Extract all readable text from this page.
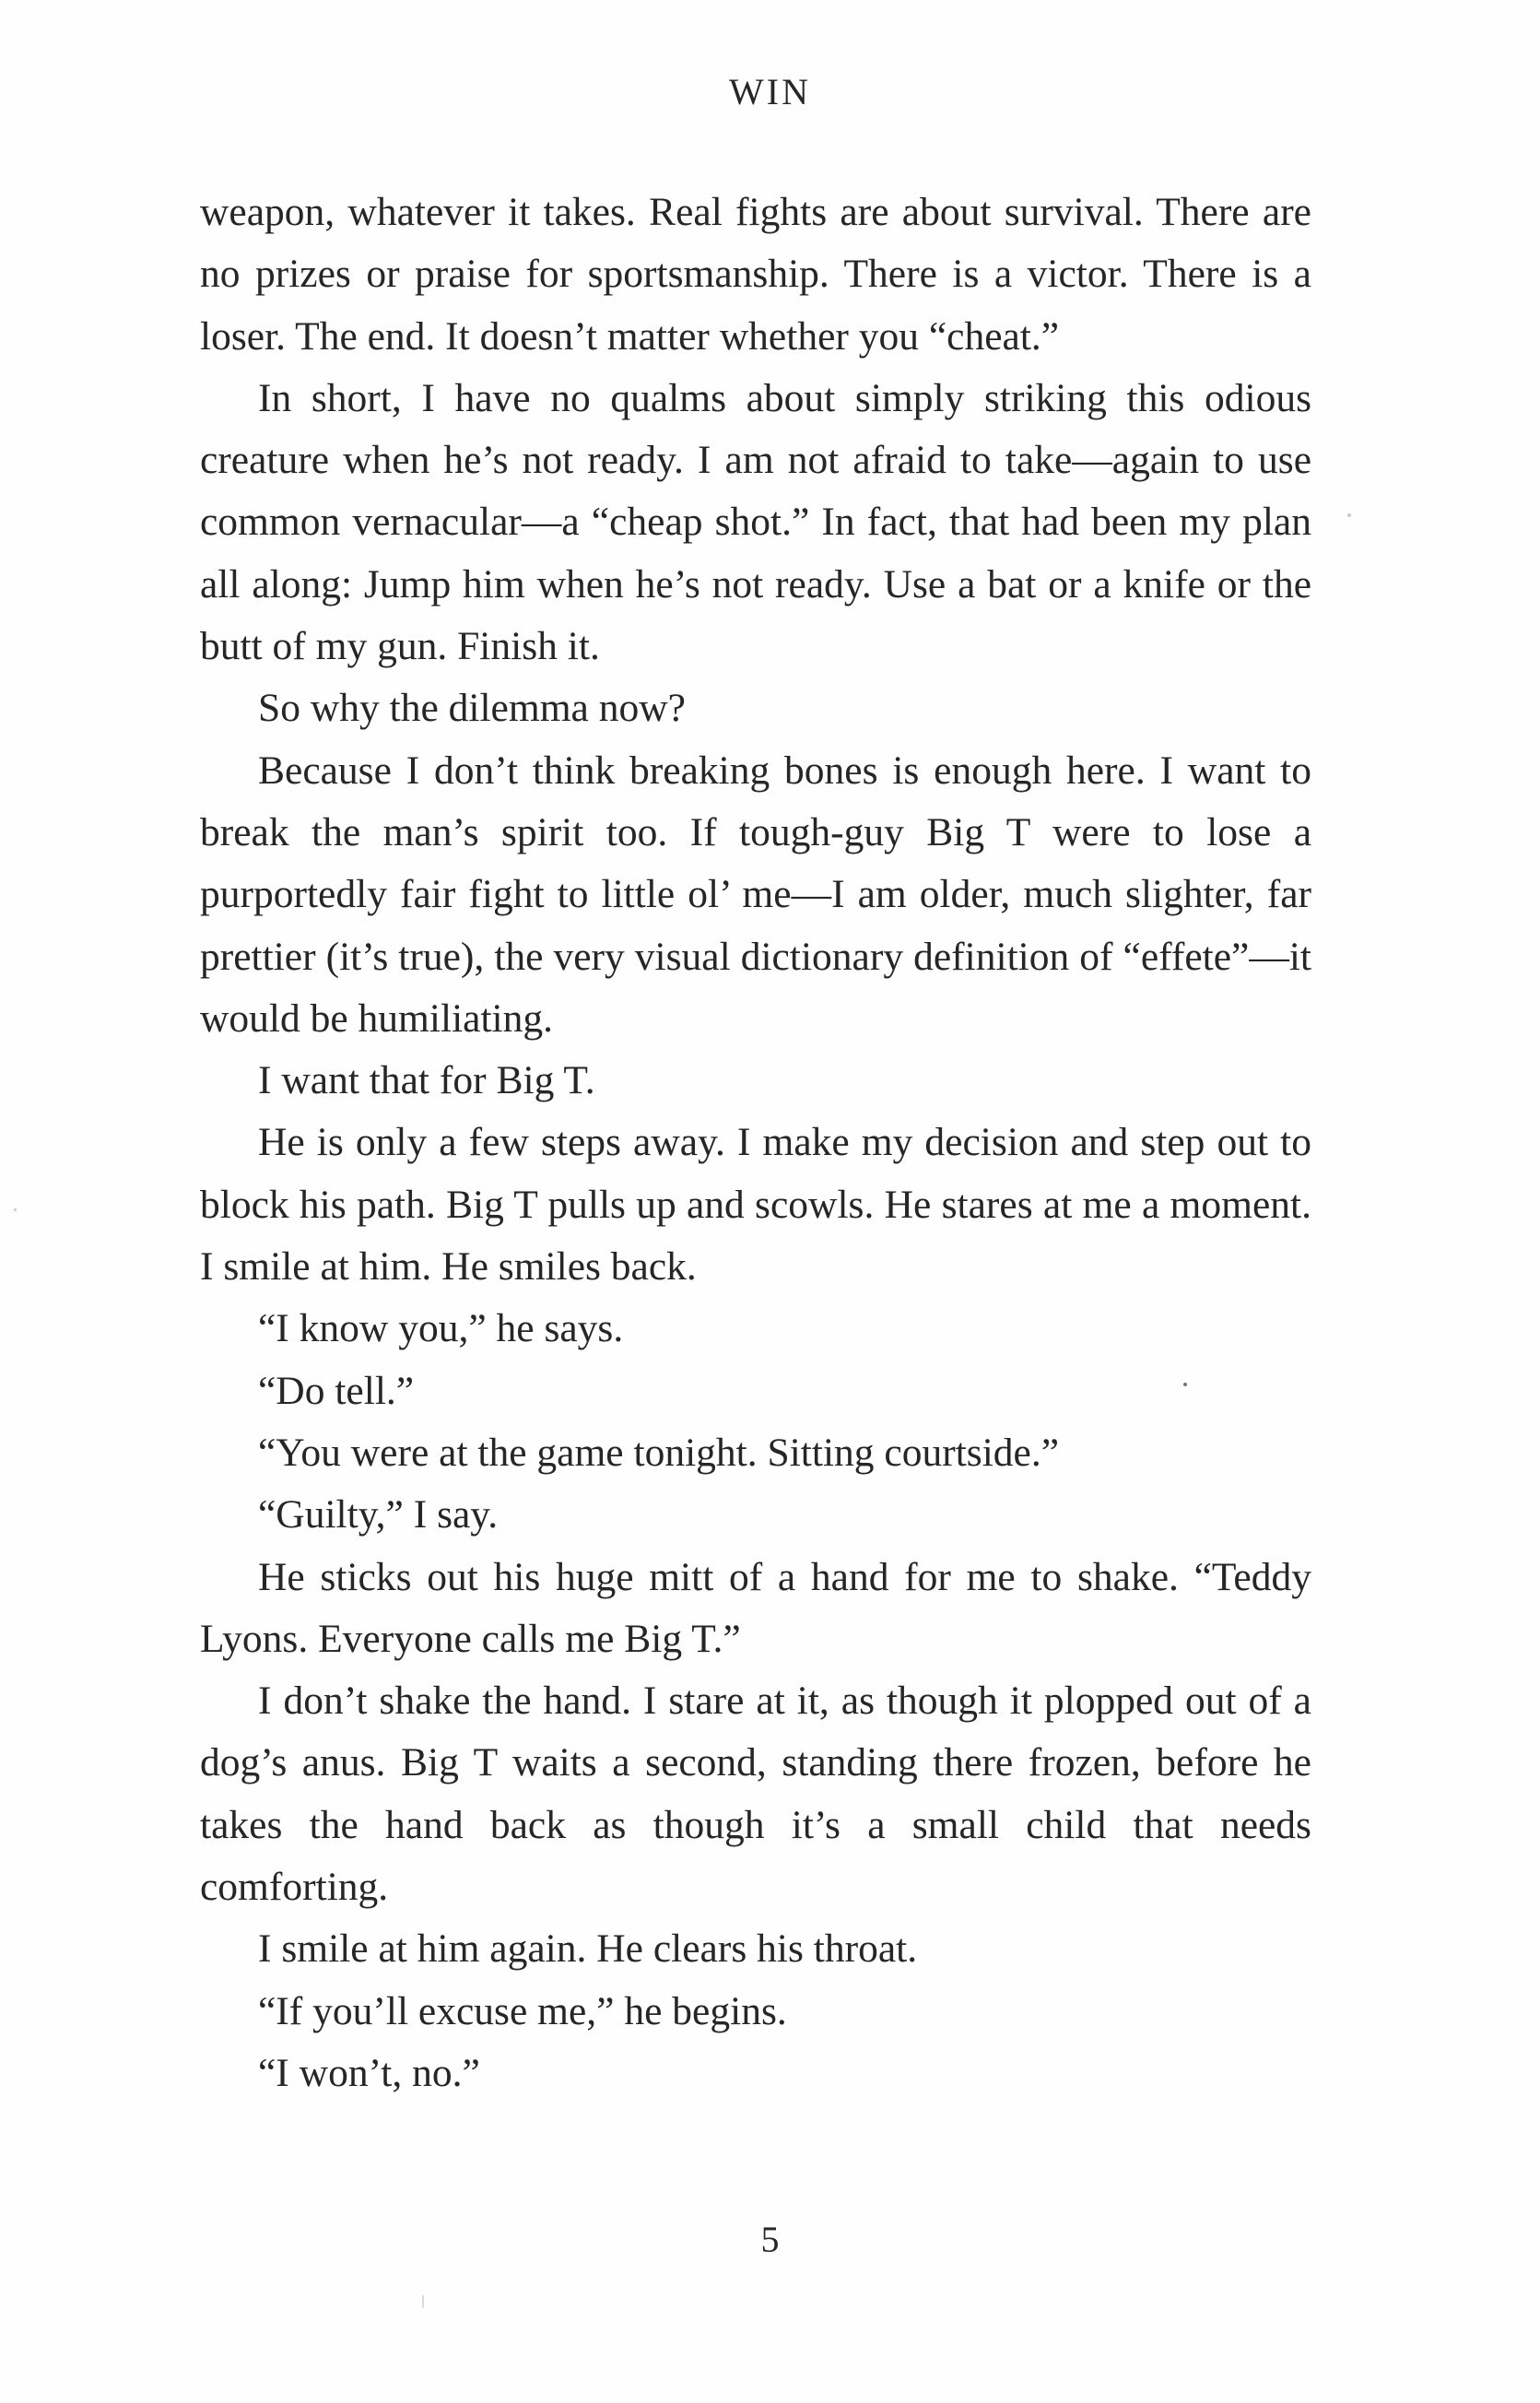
WIN

weapon, whatever it takes. Real fights are about survival. There are no prizes or praise for sportsmanship. There is a victor. There is a loser. The end. It doesn’t matter whether you “cheat.”

In short, I have no qualms about simply striking this odious creature when he’s not ready. I am not afraid to take—again to use common vernacular—a “cheap shot.” In fact, that had been my plan all along: Jump him when he’s not ready. Use a bat or a knife or the butt of my gun. Finish it.

So why the dilemma now?

Because I don’t think breaking bones is enough here. I want to break the man’s spirit too. If tough-guy Big T were to lose a purportedly fair fight to little ol’ me—I am older, much slighter, far prettier (it’s true), the very visual dictionary definition of “effete”—it would be humiliating.

I want that for Big T.

He is only a few steps away. I make my decision and step out to block his path. Big T pulls up and scowls. He stares at me a moment. I smile at him. He smiles back.

“I know you,” he says.

“Do tell.”

“You were at the game tonight. Sitting courtside.”

“Guilty,” I say.

He sticks out his huge mitt of a hand for me to shake. “Teddy Lyons. Everyone calls me Big T.”

I don’t shake the hand. I stare at it, as though it plopped out of a dog’s anus. Big T waits a second, standing there frozen, before he takes the hand back as though it’s a small child that needs comforting.

I smile at him again. He clears his throat.

“If you’ll excuse me,” he begins.

“I won’t, no.”

5
